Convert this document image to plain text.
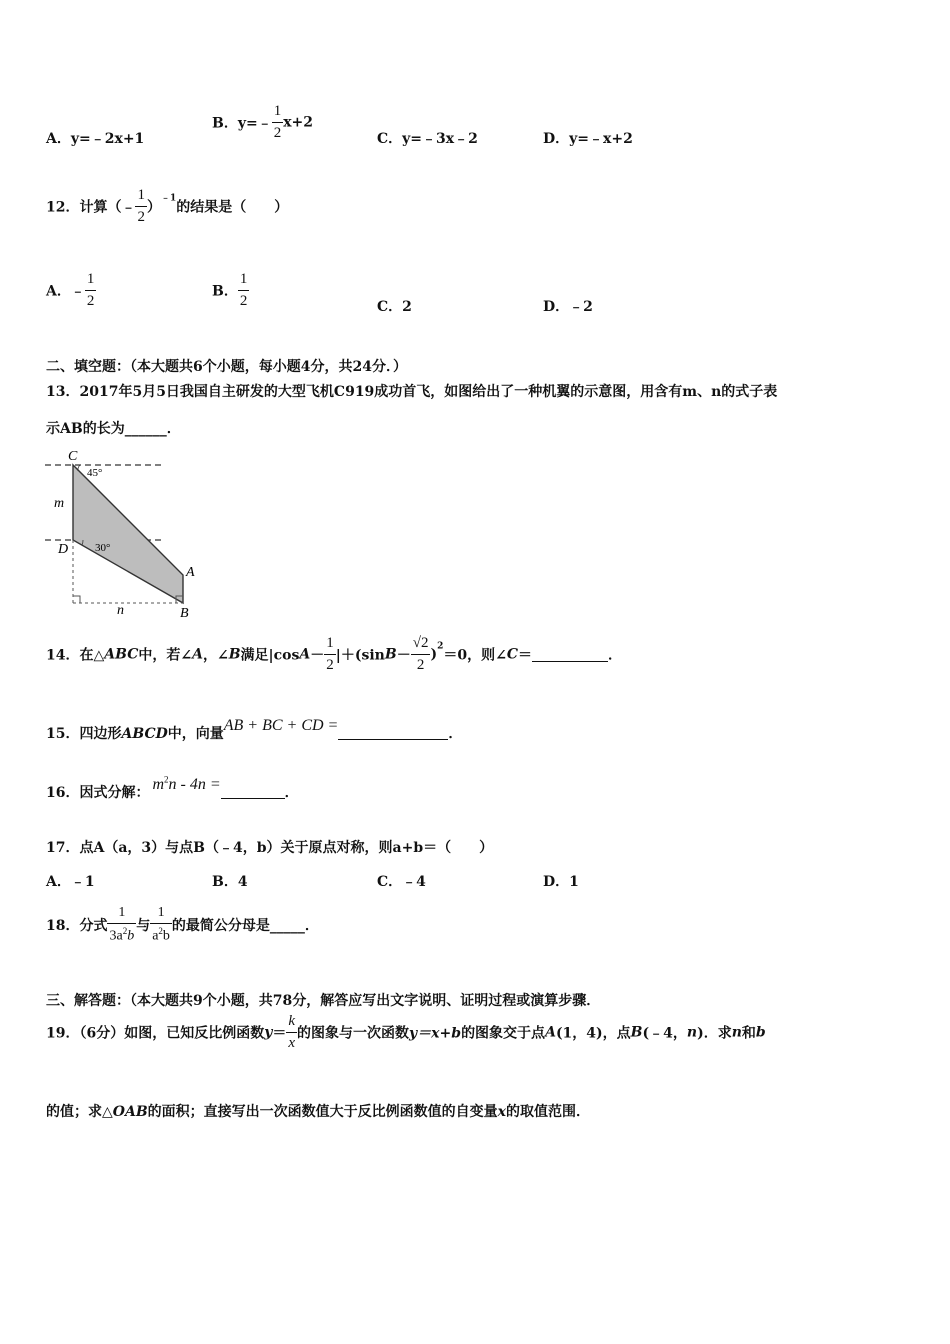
A．y=﹣2x+1
B．y=﹣ $\frac{1}{2} x+2$
C．y=﹣3x﹣2	D．y=﹣x+2
12．计算（﹣ $\frac{1}{2} )^{﹣1}$的结果是（　　）
A．﹣ $\frac{1}{2}$	B． $\frac{1}{2}$	C．2	D．﹣2
二、填空题：（本大题共6个小题，每小题4分，共24分．）
13．2017年5月5日我国自主研发的大型飞机C919成功首飞，如图给出了一种机翼的示意图，用含有m、n的式子表
示AB的长为______．
C
D
A
B
m
n
45°
30°
14．在△ABC中，若∠A，∠B满足$|\cos A- \frac{1}{2} |+(\sin B- \frac{√2}{2} )^2=0$，则∠C＝	．
15．四边形ABCD中，向量AB + BC + CD =	．
16．因式分解： $m^2n - 4n$ =	．
17．点A（a，3）与点B（﹣4，b）关于原点对称，则a+b＝（　　）
A．﹣1	B．4	C．﹣4	D．1
18．分式 $\frac{1}{3a^2b}$ 与 $\frac{1}{a^2b}$ 的最简公分母是_____．
三、解答题：（本大题共9个小题，共78分，解答应写出文字说明、证明过程或演算步骤．
19．（6分）如图，已知反比例函数$y= \frac{k}{x}$ 的图象与一次函数y＝x+b的图象交于点A(1，4)，点B(﹣4，n)．求n和b
的值；求△OAB的面积；直接写出一次函数值大于反比例函数值的自变量x的取值范围．
